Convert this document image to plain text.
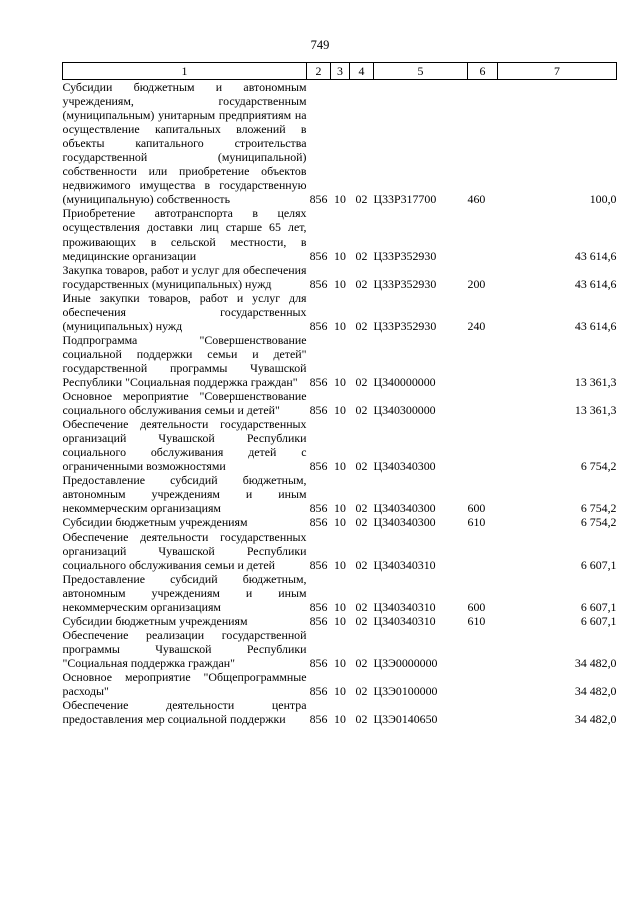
749
1	2	3	4	5	6	7
Субсидии бюджетным и автономным учреждениям, государственным (муниципальным) унитарным предприятиям на осуществление капитальных вложений в объекты капитального строительства государственной (муниципальной) собственности или приобретение объектов недвижимого имущества в государственную (муниципальную) собственность	856	10	02	Ц33Р317700	460	100,0
Приобретение автотранспорта в целях осуществления доставки лиц старше 65 лет, проживающих в сельской местности, в медицинские организации	856	10	02	Ц33Р352930		43 614,6
Закупка товаров, работ и услуг для обеспечения государственных (муниципальных) нужд	856	10	02	Ц33Р352930	200	43 614,6
Иные закупки товаров, работ и услуг для обеспечения государственных (муниципальных) нужд	856	10	02	Ц33Р352930	240	43 614,6
Подпрограмма "Совершенствование социальной поддержки семьи и детей" государственной программы Чувашской Республики "Социальная поддержка граждан"	856	10	02	Ц340000000		13 361,3
Основное мероприятие "Совершенствование социального обслуживания семьи и детей"	856	10	02	Ц340300000		13 361,3
Обеспечение деятельности государственных организаций Чувашской Республики социального обслуживания детей с ограниченными возможностями	856	10	02	Ц340340300		6 754,2
Предоставление субсидий бюджетным, автономным учреждениям и иным некоммерческим организациям	856	10	02	Ц340340300	600	6 754,2
Субсидии бюджетным учреждениям	856	10	02	Ц340340300	610	6 754,2
Обеспечение деятельности государственных организаций Чувашской Республики социального обслуживания семьи и детей	856	10	02	Ц340340310		6 607,1
Предоставление субсидий бюджетным, автономным учреждениям и иным некоммерческим организациям	856	10	02	Ц340340310	600	6 607,1
Субсидии бюджетным учреждениям	856	10	02	Ц340340310	610	6 607,1
Обеспечение реализации государственной программы Чувашской Республики "Социальная поддержка граждан"	856	10	02	Ц3Э0000000		34 482,0
Основное мероприятие "Общепрограммные расходы"	856	10	02	Ц3Э0100000		34 482,0
Обеспечение деятельности центра предоставления мер социальной поддержки	856	10	02	Ц3Э0140650		34 482,0
